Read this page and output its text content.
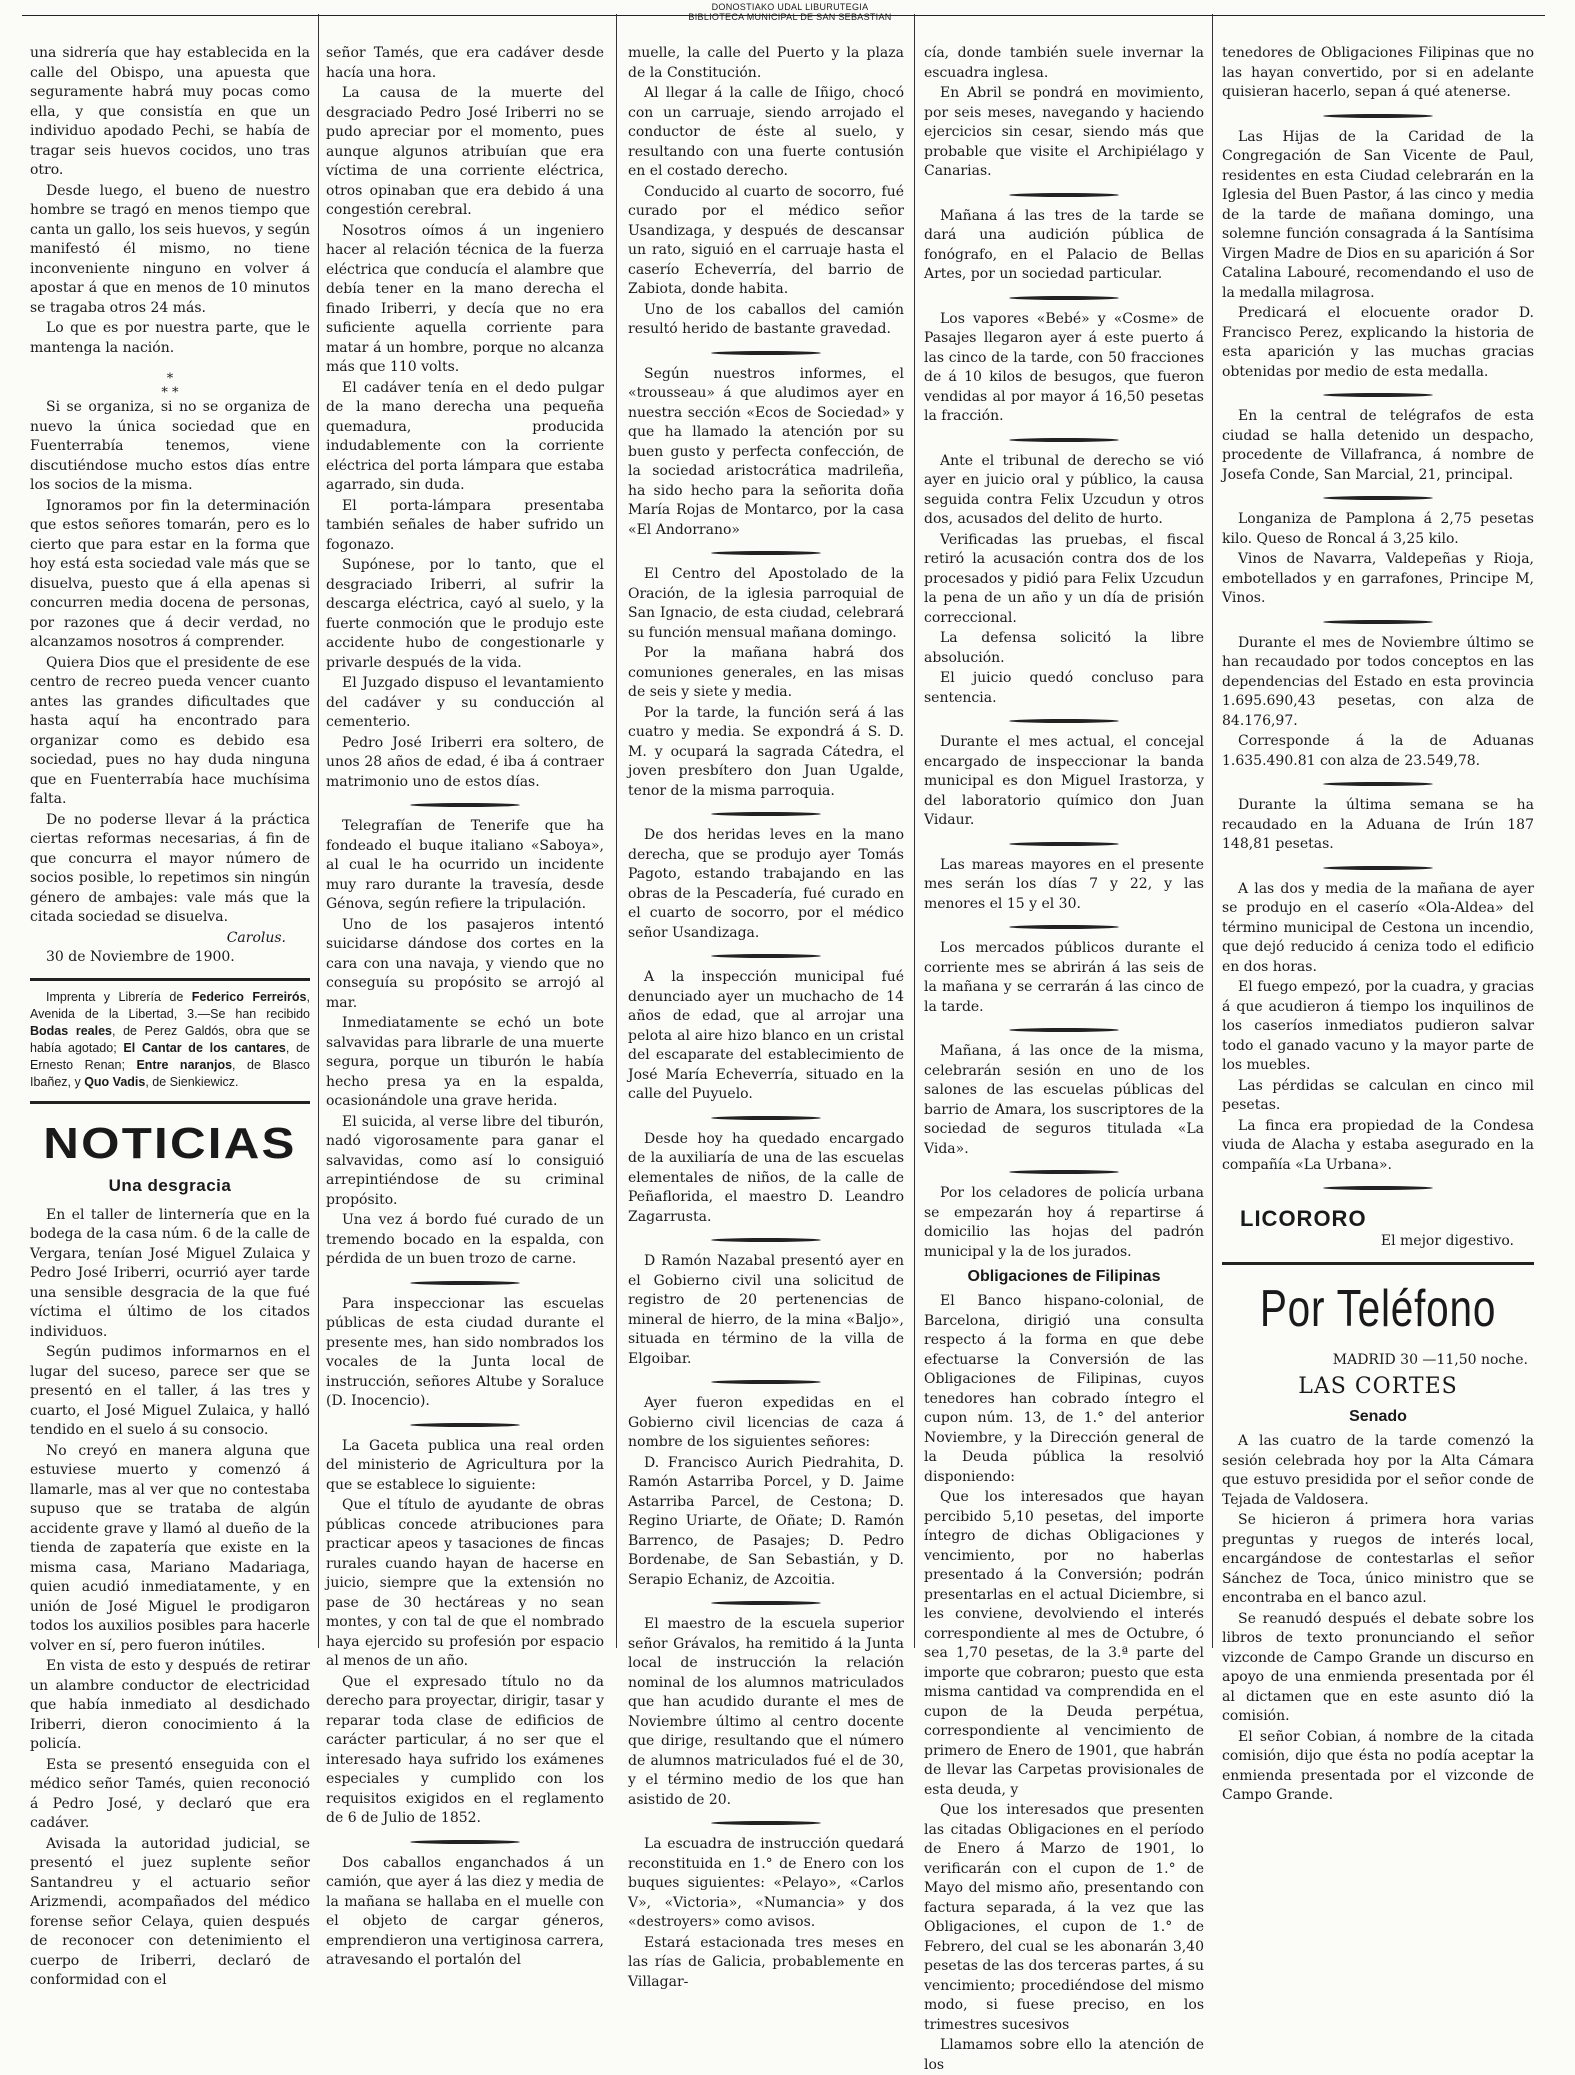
DONOSTIAKO UDAL LIBURUTEGIA
BIBLIOTECA MUNICIPAL DE SAN SEBASTIAN

una sidrería que hay establecida en la calle del Obispo, una apuesta que seguramente habrá muy pocas como ella, y que consistía en que un individuo apodado Pechi, se había de tragar seis huevos cocidos, uno tras otro.

Desde luego, el bueno de nuestro hombre se tragó en menos tiempo que canta un gallo, los seis huevos, y según manifestó él mismo, no tiene inconveniente ninguno en volver á apostar á que en menos de 10 minutos se tragaba otros 24 más.

Lo que es por nuestra parte, que le mantenga la nación.

⁎
⁎ ⁎

Si se organiza, si no se organiza de nuevo la única sociedad que en Fuenterrabía tenemos, viene discutiéndose mucho estos días entre los socios de la misma.

Ignoramos por fin la determinación que estos señores tomarán, pero es lo cierto que para estar en la forma que hoy está esta sociedad vale más que se disuelva, puesto que á ella apenas si concurren media docena de personas, por razones que á decir verdad, no alcanzamos nosotros á comprender.

Quiera Dios que el presidente de ese centro de recreo pueda vencer cuanto antes las grandes dificultades que hasta aquí ha encontrado para organizar como es debido esa sociedad, pues no hay duda ninguna que en Fuenterrabía hace muchísima falta.

De no poderse llevar á la práctica ciertas reformas necesarias, á fin de que concurra el mayor número de socios posible, lo repetimos sin ningún género de ambajes: vale más que la citada sociedad se disuelva.

Carolus.

30 de Noviembre de 1900.

Imprenta y Librería de Federico Ferreirós, Avenida de la Libertad, 3.—Se han recibido Bodas reales, de Perez Galdós, obra que se había agotado; El Cantar de los cantares, de Ernesto Renan; Entre naranjos, de Blasco Ibañez, y Quo Vadis, de Sienkiewicz.

NOTICIAS
Una desgracia

En el taller de linternería que en la bodega de la casa núm. 6 de la calle de Vergara, tenían José Miguel Zulaica y Pedro José Iriberri, ocurrió ayer tarde una sensible desgracia de la que fué víctima el último de los citados individuos.

Según pudimos informarnos en el lugar del suceso, parece ser que se presentó en el taller, á las tres y cuarto, el José Miguel Zulaica, y halló tendido en el suelo á su consocio.

No creyó en manera alguna que estuviese muerto y comenzó á llamarle, mas al ver que no contestaba supuso que se trataba de algún accidente grave y llamó al dueño de la tienda de zapatería que existe en la misma casa, Mariano Madariaga, quien acudió inmediatamente, y en unión de José Miguel le prodigaron todos los auxilios posibles para hacerle volver en sí, pero fueron inútiles.

En vista de esto y después de retirar un alambre conductor de electricidad que había inmediato al desdichado Iriberri, dieron conocimiento á la policía.

Esta se presentó enseguida con el médico señor Tamés, quien reconoció á Pedro José, y declaró que era cadáver.

Avisada la autoridad judicial, se presentó el juez suplente señor Santandreu y el actuario señor Arizmendi, acompañados del médico forense señor Celaya, quien después de reconocer con detenimiento el cuerpo de Iriberri, declaró de conformidad con el

señor Tamés, que era cadáver desde hacía una hora.

La causa de la muerte del desgraciado Pedro José Iriberri no se pudo apreciar por el momento, pues aunque algunos atribuían que era víctima de una corriente eléctrica, otros opinaban que era debido á una congestión cerebral.

Nosotros oímos á un ingeniero hacer al relación técnica de la fuerza eléctrica que conducía el alambre que debía tener en la mano derecha el finado Iriberri, y decía que no era suficiente aquella corriente para matar á un hombre, porque no alcanza más que 110 volts.

El cadáver tenía en el dedo pulgar de la mano derecha una pequeña quemadura, producida indudablemente con la corriente eléctrica del porta lámpara que estaba agarrado, sin duda.

El porta-lámpara presentaba también señales de haber sufrido un fogonazo.

Supónese, por lo tanto, que el desgraciado Iriberri, al sufrir la descarga eléctrica, cayó al suelo, y la fuerte conmoción que le produjo este accidente hubo de congestionarle y privarle después de la vida.

El Juzgado dispuso el levantamiento del cadáver y su conducción al cementerio.

Pedro José Iriberri era soltero, de unos 28 años de edad, é iba á contraer matrimonio uno de estos días.

Telegrafían de Tenerife que ha fondeado el buque italiano «Saboya», al cual le ha ocurrido un incidente muy raro durante la travesía, desde Génova, según refiere la tripulación.

Uno de los pasajeros intentó suicidarse dándose dos cortes en la cara con una navaja, y viendo que no conseguía su propósito se arrojó al mar.

Inmediatamente se echó un bote salvavidas para librarle de una muerte segura, porque un tiburón le había hecho presa ya en la espalda, ocasionándole una grave herida.

El suicida, al verse libre del tiburón, nadó vigorosamente para ganar el salvavidas, como así lo consiguió arrepintiéndose de su criminal propósito.

Una vez á bordo fué curado de un tremendo bocado en la espalda, con pérdida de un buen trozo de carne.

Para inspeccionar las escuelas públicas de esta ciudad durante el presente mes, han sido nombrados los vocales de la Junta local de instrucción, señores Altube y Soraluce (D. Inocencio).

La Gaceta publica una real orden del ministerio de Agricultura por la que se establece lo siguiente:

Que el título de ayudante de obras públicas concede atribuciones para practicar apeos y tasaciones de fincas rurales cuando hayan de hacerse en juicio, siempre que la extensión no pase de 30 hectáreas y no sean montes, y con tal de que el nombrado haya ejercido su profesión por espacio al menos de un año.

Que el expresado título no da derecho para proyectar, dirigir, tasar y reparar toda clase de edificios de carácter particular, á no ser que el interesado haya sufrido los exámenes especiales y cumplido con los requisitos exigidos en el reglamento de 6 de Julio de 1852.

Dos caballos enganchados á un camión, que ayer á las diez y media de la mañana se hallaba en el muelle con el objeto de cargar géneros, emprendieron una vertiginosa carrera, atravesando el portalón del

muelle, la calle del Puerto y la plaza de la Constitución.

Al llegar á la calle de Iñigo, chocó con un carruaje, siendo arrojado el conductor de éste al suelo, y resultando con una fuerte contusión en el costado derecho.

Conducido al cuarto de socorro, fué curado por el médico señor Usandizaga, y después de descansar un rato, siguió en el carruaje hasta el caserío Echeverría, del barrio de Zabiota, donde habita.

Uno de los caballos del camión resultó herido de bastante gravedad.

Según nuestros informes, el «trousseau» á que aludimos ayer en nuestra sección «Ecos de Sociedad» y que ha llamado la atención por su buen gusto y perfecta confección, de la sociedad aristocrática madrileña, ha sido hecho para la señorita doña María Rojas de Montarco, por la casa «El Andorrano»

El Centro del Apostolado de la Oración, de la iglesia parroquial de San Ignacio, de esta ciudad, celebrará su función mensual mañana domingo.

Por la mañana habrá dos comuniones generales, en las misas de seis y siete y media.

Por la tarde, la función será á las cuatro y media. Se expondrá á S. D. M. y ocupará la sagrada Cátedra, el joven presbítero don Juan Ugalde, tenor de la misma parroquia.

De dos heridas leves en la mano derecha, que se produjo ayer Tomás Pagoto, estando trabajando en las obras de la Pescadería, fué curado en el cuarto de socorro, por el médico señor Usandizaga.

A la inspección municipal fué denunciado ayer un muchacho de 14 años de edad, que al arrojar una pelota al aire hizo blanco en un cristal del escaparate del establecimiento de José María Echeverría, situado en la calle del Puyuelo.

Desde hoy ha quedado encargado de la auxiliaría de una de las escuelas elementales de niños, de la calle de Peñaflorida, el maestro D. Leandro Zagarrusta.

D Ramón Nazabal presentó ayer en el Gobierno civil una solicitud de registro de 20 pertenencias de mineral de hierro, de la mina «Baljo», situada en término de la villa de Elgoibar.

Ayer fueron expedidas en el Gobierno civil licencias de caza á nombre de los siguientes señores:

D. Francisco Aurich Piedrahita, D. Ramón Astarriba Porcel, y D. Jaime Astarriba Parcel, de Cestona; D. Regino Uriarte, de Oñate; D. Ramón Barrenco, de Pasajes; D. Pedro Bordenabe, de San Sebastián, y D. Serapio Echaniz, de Azcoitia.

El maestro de la escuela superior señor Grávalos, ha remitido á la Junta local de instrucción la relación nominal de los alumnos matriculados que han acudido durante el mes de Noviembre último al centro docente que dirige, resultando que el número de alumnos matriculados fué el de 30, y el término medio de los que han asistido de 20.

La escuadra de instrucción quedará reconstituida en 1.° de Enero con los buques siguientes: «Pelayo», «Carlos V», «Victoria», «Numancia» y dos «destroyers» como avisos.

Estará estacionada tres meses en las rías de Galicia, probablemente en Villagar-

cía, donde también suele invernar la escuadra inglesa.

En Abril se pondrá en movimiento, por seis meses, navegando y haciendo ejercicios sin cesar, siendo más que probable que visite el Archipiélago y Canarias.

Mañana á las tres de la tarde se dará una audición pública de fonógrafo, en el Palacio de Bellas Artes, por un sociedad particular.

Los vapores «Bebé» y «Cosme» de Pasajes llegaron ayer á este puerto á las cinco de la tarde, con 50 fracciones de á 10 kilos de besugos, que fueron vendidas al por mayor á 16,50 pesetas la fracción.

Ante el tribunal de derecho se vió ayer en juicio oral y público, la causa seguida contra Felix Uzcudun y otros dos, acusados del delito de hurto.

Verificadas las pruebas, el fiscal retiró la acusación contra dos de los procesados y pidió para Felix Uzcudun la pena de un año y un día de prisión correccional.

La defensa solicitó la libre absolución.

El juicio quedó concluso para sentencia.

Durante el mes actual, el concejal encargado de inspeccionar la banda municipal es don Miguel Irastorza, y del laboratorio químico don Juan Vidaur.

Las mareas mayores en el presente mes serán los días 7 y 22, y las menores el 15 y el 30.

Los mercados públicos durante el corriente mes se abrirán á las seis de la mañana y se cerrarán á las cinco de la tarde.

Mañana, á las once de la misma, celebrarán sesión en uno de los salones de las escuelas públicas del barrio de Amara, los suscriptores de la sociedad de seguros titulada «La Vida».

Por los celadores de policía urbana se empezarán hoy á repartirse á domicilio las hojas del padrón municipal y la de los jurados.

Obligaciones de Filipinas

El Banco hispano-colonial, de Barcelona, dirigió una consulta respecto á la forma en que debe efectuarse la Conversión de las Obligaciones de Filipinas, cuyos tenedores han cobrado íntegro el cupon núm. 13, de 1.° del anterior Noviembre, y la Dirección general de la Deuda pública la resolvió disponiendo:

Que los interesados que hayan percibido 5,10 pesetas, del importe íntegro de dichas Obligaciones y vencimiento, por no haberlas presentado á la Conversión; podrán presentarlas en el actual Diciembre, si les conviene, devolviendo el interés correspondiente al mes de Octubre, ó sea 1,70 pesetas, de la 3.ª parte del importe que cobraron; puesto que esta misma cantidad va comprendida en el cupon de la Deuda perpétua, correspondiente al vencimiento de primero de Enero de 1901, que habrán de llevar las Carpetas provisionales de esta deuda, y

Que los interesados que presenten las citadas Obligaciones en el período de Enero á Marzo de 1901, lo verificarán con el cupon de 1.° de Mayo del mismo año, presentando con factura separada, á la vez que las Obligaciones, el cupon de 1.° de Febrero, del cual se les abonarán 3,40 pesetas de las dos terceras partes, á su vencimiento; procediéndose del mismo modo, si fuese preciso, en los trimestres sucesivos

Llamamos sobre ello la atención de los

tenedores de Obligaciones Filipinas que no las hayan convertido, por si en adelante quisieran hacerlo, sepan á qué atenerse.

Las Hijas de la Caridad de la Congregación de San Vicente de Paul, residentes en esta Ciudad celebrarán en la Iglesia del Buen Pastor, á las cinco y media de la tarde de mañana domingo, una solemne función consagrada á la Santísima Virgen Madre de Dios en su aparición á Sor Catalina Labouré, recomendando el uso de la medalla milagrosa.

Predicará el elocuente orador D. Francisco Perez, explicando la historia de esta aparición y las muchas gracias obtenidas por medio de esta medalla.

En la central de telégrafos de esta ciudad se halla detenido un despacho, procedente de Villafranca, á nombre de Josefa Conde, San Marcial, 21, principal.

Longaniza de Pamplona á 2,75 pesetas kilo. Queso de Roncal á 3,25 kilo.

Vinos de Navarra, Valdepeñas y Rioja, embotellados y en garrafones, Principe M, Vinos.

Durante el mes de Noviembre último se han recaudado por todos conceptos en las dependencias del Estado en esta provincia 1.695.690,43 pesetas, con alza de 84.176,97.

Corresponde á la de Aduanas 1.635.490.81 con alza de 23.549,78.

Durante la última semana se ha recaudado en la Aduana de Irún 187 148,81 pesetas.

A las dos y media de la mañana de ayer se produjo en el caserío «Ola-Aldea» del término municipal de Cestona un incendio, que dejó reducido á ceniza todo el edificio en dos horas.

El fuego empezó, por la cuadra, y gracias á que acudieron á tiempo los inquilinos de los caseríos inmediatos pudieron salvar todo el ganado vacuno y la mayor parte de los muebles.

Las pérdidas se calculan en cinco mil pesetas.

La finca era propiedad de la Condesa viuda de Alacha y estaba asegurado en la compañía «La Urbana».

LICORORO
El mejor digestivo.
Por Teléfono
MADRID 30 —11,50 noche.
LAS CORTES
Senado

A las cuatro de la tarde comenzó la sesión celebrada hoy por la Alta Cámara que estuvo presidida por el señor conde de Tejada de Valdosera.

Se hicieron á primera hora varias preguntas y ruegos de interés local, encargándose de contestarlas el señor Sánchez de Toca, único ministro que se encontraba en el banco azul.

Se reanudó después el debate sobre los libros de texto pronunciando el señor vizconde de Campo Grande un discurso en apoyo de una enmienda presentada por él al dictamen que en este asunto dió la comisión.

El señor Cobian, á nombre de la citada comisión, dijo que ésta no podía aceptar la enmienda presentada por el vizconde de Campo Grande.
